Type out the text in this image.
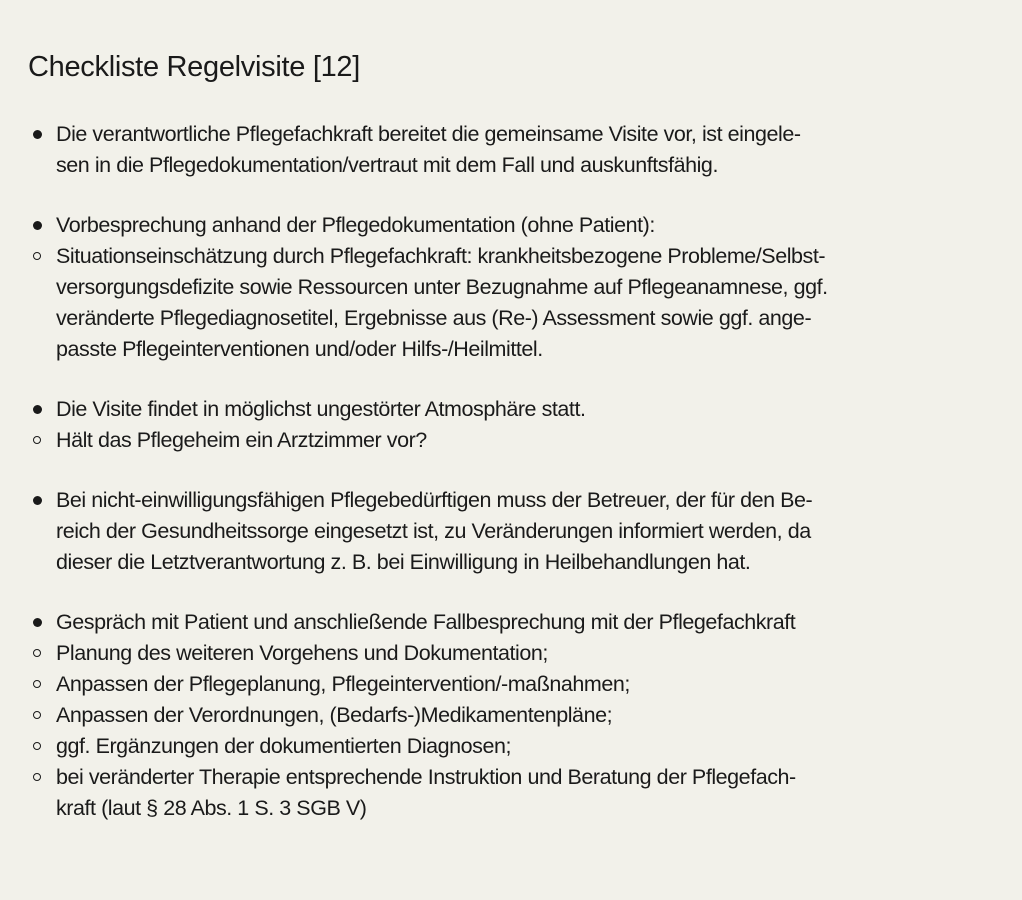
Checkliste Regelvisite [12]
Die verantwortliche Pflegefachkraft bereitet die gemeinsame Visite vor, ist eingele-
sen in die Pflegedokumentation/vertraut mit dem Fall und auskunftsfähig.
Vorbesprechung anhand der Pflegedokumentation (ohne Patient):
Situationseinschätzung durch Pflegefachkraft: krankheitsbezogene Probleme/Selbst-
versorgungsdefizite sowie Ressourcen unter Bezugnahme auf Pflegeanamnese, ggf.
veränderte Pflegediagnosetitel, Ergebnisse aus (Re-) Assessment sowie ggf. ange-
passte Pflegeinterventionen und/oder Hilfs-/Heilmittel.
Die Visite findet in möglichst ungestörter Atmosphäre statt.
Hält das Pflegeheim ein Arztzimmer vor?
Bei nicht-einwilligungsfähigen Pflegebedürftigen muss der Betreuer, der für den Be-
reich der Gesundheitssorge eingesetzt ist, zu Veränderungen informiert werden, da
dieser die Letztverantwortung z. B. bei Einwilligung in Heilbehandlungen hat.
Gespräch mit Patient und anschließende Fallbesprechung mit der Pflegefachkraft
Planung des weiteren Vorgehens und Dokumentation;
Anpassen der Pflegeplanung, Pflegeintervention/-maßnahmen;
Anpassen der Verordnungen, (Bedarfs-)Medikamentenpläne;
ggf. Ergänzungen der dokumentierten Diagnosen;
bei veränderter Therapie entsprechende Instruktion und Beratung der Pflegefach-
kraft (laut § 28 Abs. 1 S. 3 SGB V)
